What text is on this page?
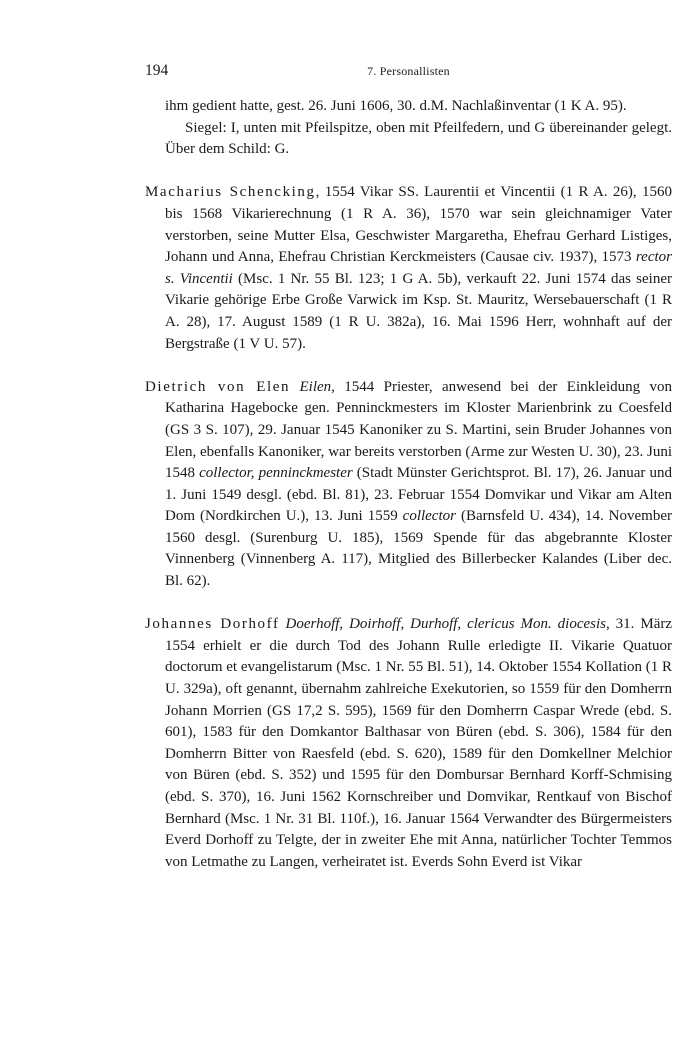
194	7. Personallisten

ihm gedient hatte, gest. 26. Juni 1606, 30. d.M. Nachlaßinventar (1 K A. 95).

Siegel: I, unten mit Pfeilspitze, oben mit Pfeilfedern, und G übereinander gelegt. Über dem Schild: G.

Macharius Schencking, 1554 Vikar SS. Laurentii et Vincentii (1 R A. 26), 1560 bis 1568 Vikarierechnung (1 R A. 36), 1570 war sein gleichnamiger Vater verstorben, seine Mutter Elsa, Geschwister Margaretha, Ehefrau Gerhard Listiges, Johann und Anna, Ehefrau Christian Kerckmeisters (Causae civ. 1937), 1573 rector s. Vincentii (Msc. 1 Nr. 55 Bl. 123; 1 G A. 5b), verkauft 22. Juni 1574 das seiner Vikarie gehörige Erbe Große Varwick im Ksp. St. Mauritz, Wersebauerschaft (1 R A. 28), 17. August 1589 (1 R U. 382a), 16. Mai 1596 Herr, wohnhaft auf der Bergstraße (1 V U. 57).

Dietrich von Elen Eilen, 1544 Priester, anwesend bei der Einkleidung von Katharina Hagebocke gen. Penninckmesters im Kloster Marienbrink zu Coesfeld (GS 3 S. 107), 29. Januar 1545 Kanoniker zu S. Martini, sein Bruder Johannes von Elen, ebenfalls Kanoniker, war bereits verstorben (Arme zur Westen U. 30), 23. Juni 1548 collector, penninckmester (Stadt Münster Gerichtsprot. Bl. 17), 26. Januar und 1. Juni 1549 desgl. (ebd. Bl. 81), 23. Februar 1554 Domvikar und Vikar am Alten Dom (Nordkirchen U.), 13. Juni 1559 collector (Barnsfeld U. 434), 14. November 1560 desgl. (Surenburg U. 185), 1569 Spende für das abgebrannte Kloster Vinnenberg (Vinnenberg A. 117), Mitglied des Billerbecker Kalandes (Liber dec. Bl. 62).

Johannes Dorhoff Doerhoff, Doirhoff, Durhoff, clericus Mon. diocesis, 31. März 1554 erhielt er die durch Tod des Johann Rulle erledigte II. Vikarie Quatuor doctorum et evangelistarum (Msc. 1 Nr. 55 Bl. 51), 14. Oktober 1554 Kollation (1 R U. 329a), oft genannt, übernahm zahlreiche Exekutorien, so 1559 für den Domherrn Johann Morrien (GS 17,2 S. 595), 1569 für den Domherrn Caspar Wrede (ebd. S. 601), 1583 für den Domkantor Balthasar von Büren (ebd. S. 306), 1584 für den Domherrn Bitter von Raesfeld (ebd. S. 620), 1589 für den Domkellner Melchior von Büren (ebd. S. 352) und 1595 für den Dombursar Bernhard Korff-Schmising (ebd. S. 370), 16. Juni 1562 Kornschreiber und Domvikar, Rentkauf von Bischof Bernhard (Msc. 1 Nr. 31 Bl. 110f.), 16. Januar 1564 Verwandter des Bürgermeisters Everd Dorhoff zu Telgte, der in zweiter Ehe mit Anna, natürlicher Tochter Temmos von Letmathe zu Langen, verheiratet ist. Everds Sohn Everd ist Vikar
